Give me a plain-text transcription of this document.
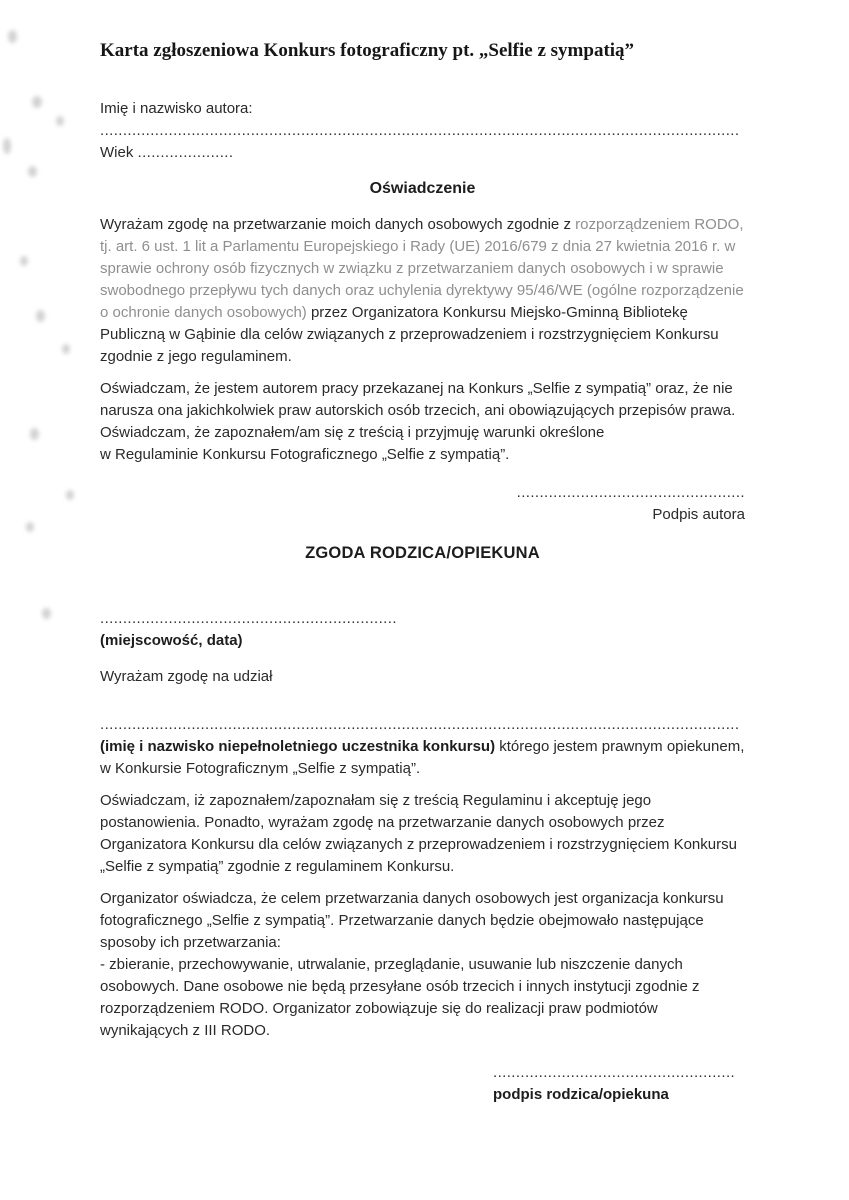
Karta zgłoszeniowa Konkurs fotograficzny pt. „Selfie z sympatią”
Imię i nazwisko autora:
............................................................................................................................................
Wiek .....................
Oświadczenie

Wyrażam zgodę na przetwarzanie moich danych osobowych zgodnie z rozporządzeniem RODO, tj. art. 6 ust. 1 lit a Parlamentu Europejskiego i Rady (UE) 2016/679 z dnia 27 kwietnia 2016 r. w sprawie ochrony osób fizycznych w związku z przetwarzaniem danych osobowych i w sprawie swobodnego przepływu tych danych oraz uchylenia dyrektywy 95/46/WE (ogólne rozporządzenie o ochronie danych osobowych) przez Organizatora Konkursu Miejsko-Gminną Bibliotekę Publiczną w Gąbinie dla celów związanych z przeprowadzeniem i rozstrzygnięciem Konkursu zgodnie z jego regulaminem.

Oświadczam, że jestem autorem pracy przekazanej na Konkurs „Selfie z sympatią” oraz, że nie narusza ona jakichkolwiek praw autorskich osób trzecich, ani obowiązujących przepisów prawa.

Oświadczam, że zapoznałem/am się z treścią i przyjmuję warunki określone

w Regulaminie Konkursu Fotograficznego „Selfie z sympatią”.

..................................................
Podpis autora
ZGODA RODZICA/OPIEKUNA
.................................................................
(miejscowość, data)
Wyrażam zgodę na udział
............................................................................................................................................

(imię i nazwisko niepełnoletniego uczestnika konkursu) którego jestem prawnym opiekunem, w Konkursie Fotograficznym „Selfie z sympatią”.

Oświadczam, iż zapoznałem/zapoznałam się z treścią Regulaminu i akceptuję jego postanowienia. Ponadto, wyrażam zgodę na przetwarzanie danych osobowych przez Organizatora Konkursu dla celów związanych z przeprowadzeniem i rozstrzygnięciem Konkursu „Selfie z sympatią” zgodnie z regulaminem Konkursu.

Organizator oświadcza, że celem przetwarzania danych osobowych jest organizacja konkursu fotograficznego „Selfie z sympatią”. Przetwarzanie danych będzie obejmowało następujące sposoby ich przetwarzania:

- zbieranie, przechowywanie, utrwalanie, przeglądanie, usuwanie lub niszczenie danych osobowych. Dane osobowe nie będą przesyłane osób trzecich i innych instytucji zgodnie z rozporządzeniem RODO. Organizator zobowiązuje się do realizacji praw podmiotów wynikających z III RODO.

.....................................................
podpis rodzica/opiekuna
